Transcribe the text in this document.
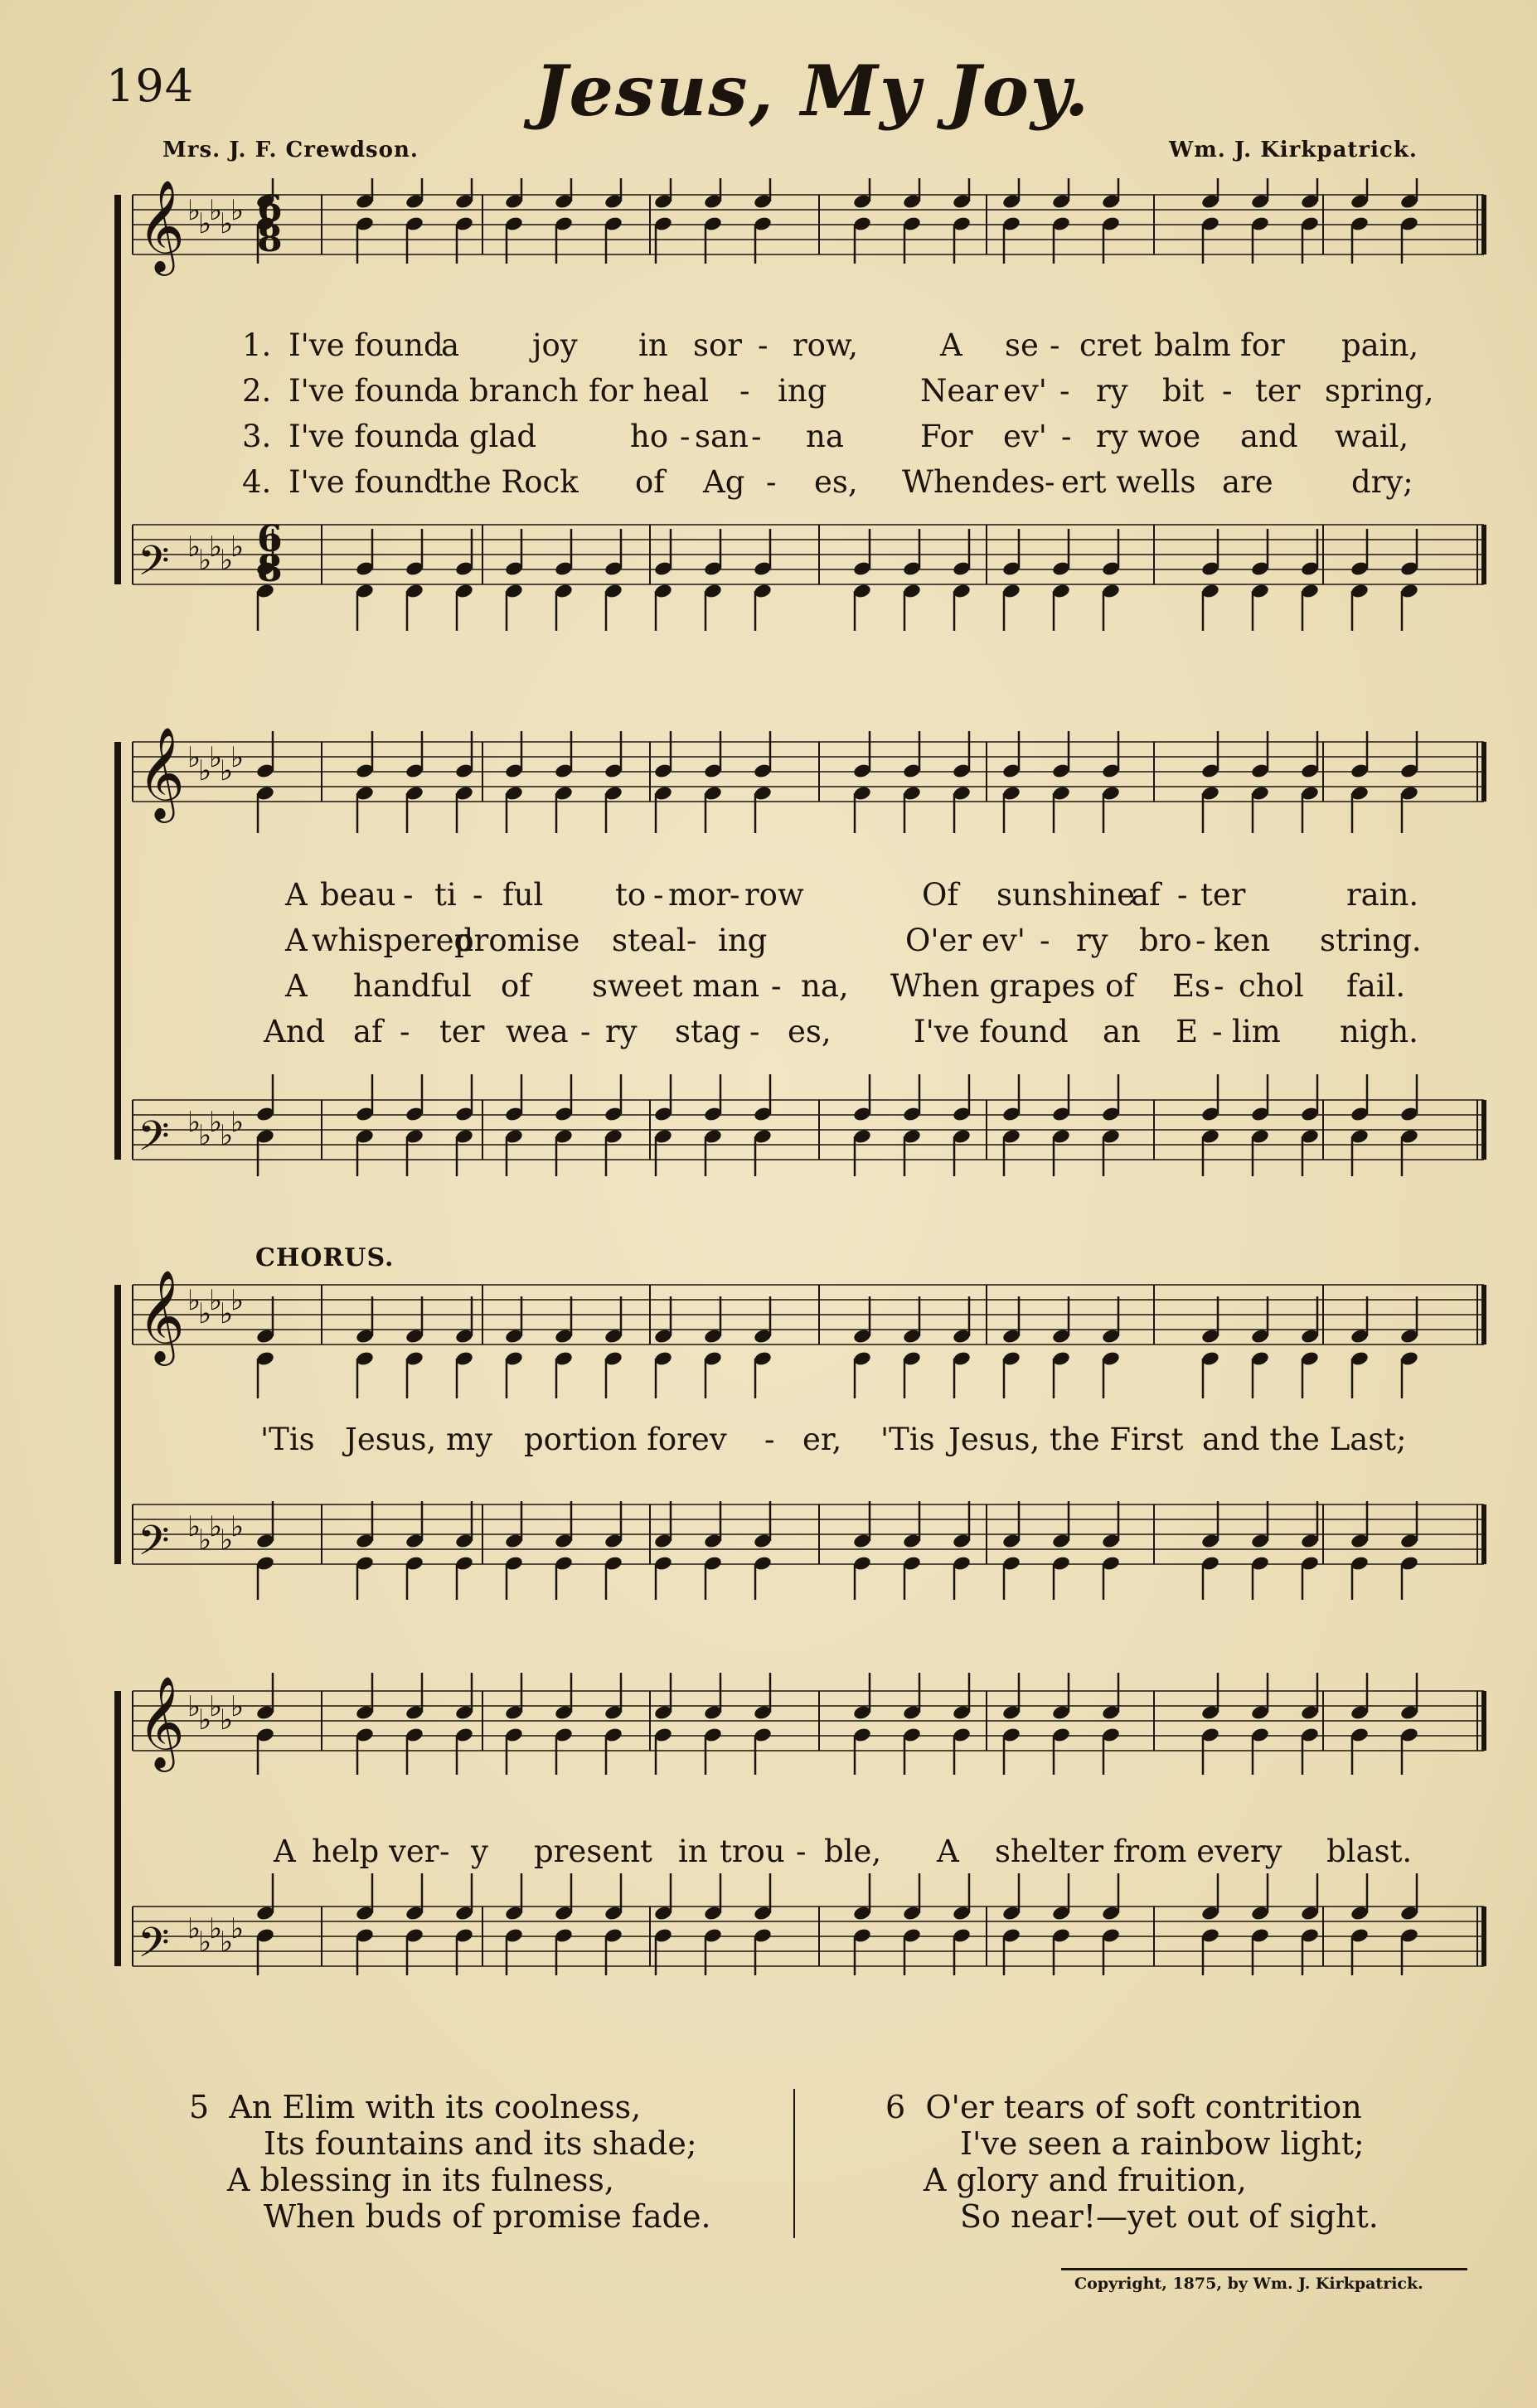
194	Jesus, My Joy.
Mrs. J. F. Crewdson.	Wm. J. Kirkpatrick.
𝄞 ♭
♭
♭
♭
♭
𝄢 ♭
♭
♭
♭
♭
6
6
8
8
1. I've found
a joy in sor - row,	A se - cret balm for pain,
2. I've found
a branch for heal - ing	Near ev' - ry bit - ter spring,
3. I've found
a glad	ho - san - na For ev' - ry woe and wail,
4. I've found
the Rock of Ag - es, When des - ert wells are	dry;
𝄞 ♭
♭
♭
♭
♭
𝄢 ♭
♭
♭
♭
♭
A beau - ti - ful to - mor
- row	Of sunshine
af - ter	rain.
A whispered
promise steal - ing	O'er ev' - ry bro - ken string.
A handful of sweet man - na, When grapes of Es - chol fail.
And af - ter wea - ry stag - es,	I've found an E - lim nigh.
𝄞 ♭
♭
♭
♭
♭
𝄢 ♭
♭
♭
♭
♭
CHORUS.
'Tis Jesus, my portion forev - er, 'Tis Jesus, the First and the Last;
𝄞 ♭
♭
♭
♭
♭
𝄢 ♭
♭
♭
♭
♭
A help ver - y present in trou - ble, A shelter from every blast.
5 An Elim with its coolness,
Its fountains and its shade;
A blessing in its fulness,
When buds of promise fade.
6 O'er tears of soft contrition
I've seen a rainbow light;
A glory and fruition,
So near!—yet out of sight.
Copyright, 1875, by Wm. J. Kirkpatrick.
